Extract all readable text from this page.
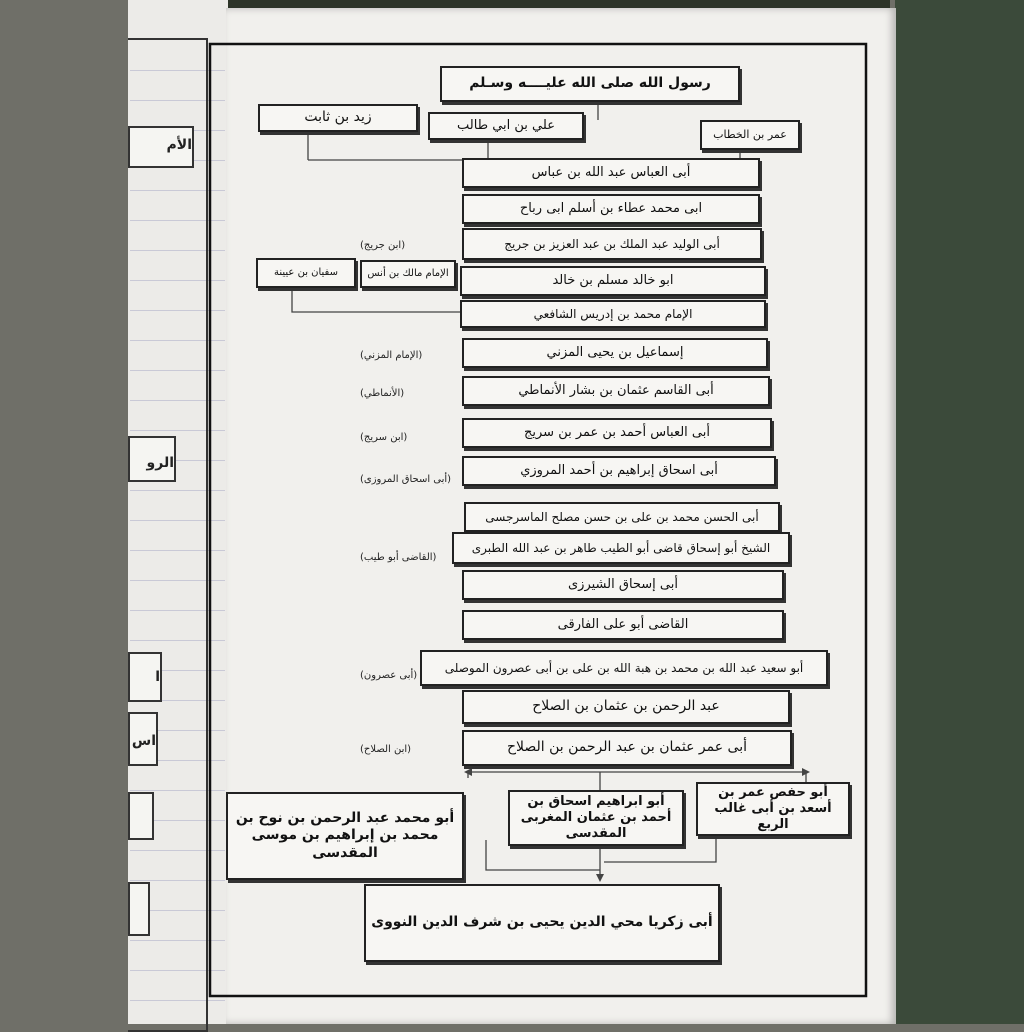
الأم
الرو
ا
اس
رسول الله صلى الله عليــــه وسـلم
زيد بن ثابت
علي بن ابي طالب
عمر بن الخطاب
أبى العباس عبد الله بن عباس
ابى محمد عطاء بن أسلم ابى رباح
أبى الوليد عبد الملك بن عبد العزيز بن جريج
ابو خالد مسلم بن خالد
الإمام مالك بن أنس
سفيان بن عيينة
الإمام محمد بن إدريس الشافعي
إسماعيل بن يحيى المزني
أبى القاسم عثمان بن بشار الأنماطي
أبى العباس أحمد بن عمر بن سريج
أبى اسحاق إبراهيم بن أحمد المروزي
أبى الحسن محمد بن على بن حسن مصلح الماسرجسى
الشيخ أبو إسحاق قاضى أبو الطيب طاهر بن عبد الله الطبرى
أبى إسحاق الشيرزى
القاضى أبو على الفارقى
أبو سعيد عبد الله بن محمد بن هبة الله بن على بن أبى عصرون الموصلى
عبد الرحمن بن عثمان بن الصلاح
أبى عمر عثمان بن عبد الرحمن بن الصلاح
أبو حفص عمر بن أسعد بن أبى غالب الربع
أبو ابراهيم اسحاق بن أحمد بن عثمان المغربى المقدسى
أبو محمد عبد الرحمن بن نوح بن محمد بن إبراهيم بن موسى المقدسى
أبى زكريا محي الدين يحيى بن شرف الدين النووى
(ابن جريج)
(الإمام المزني)
(الأنماطي)
(ابن سريج)
(أبى اسحاق المروزى)
(القاضى أبو طيب)
(أبى عصرون)
(ابن الصلاح)
